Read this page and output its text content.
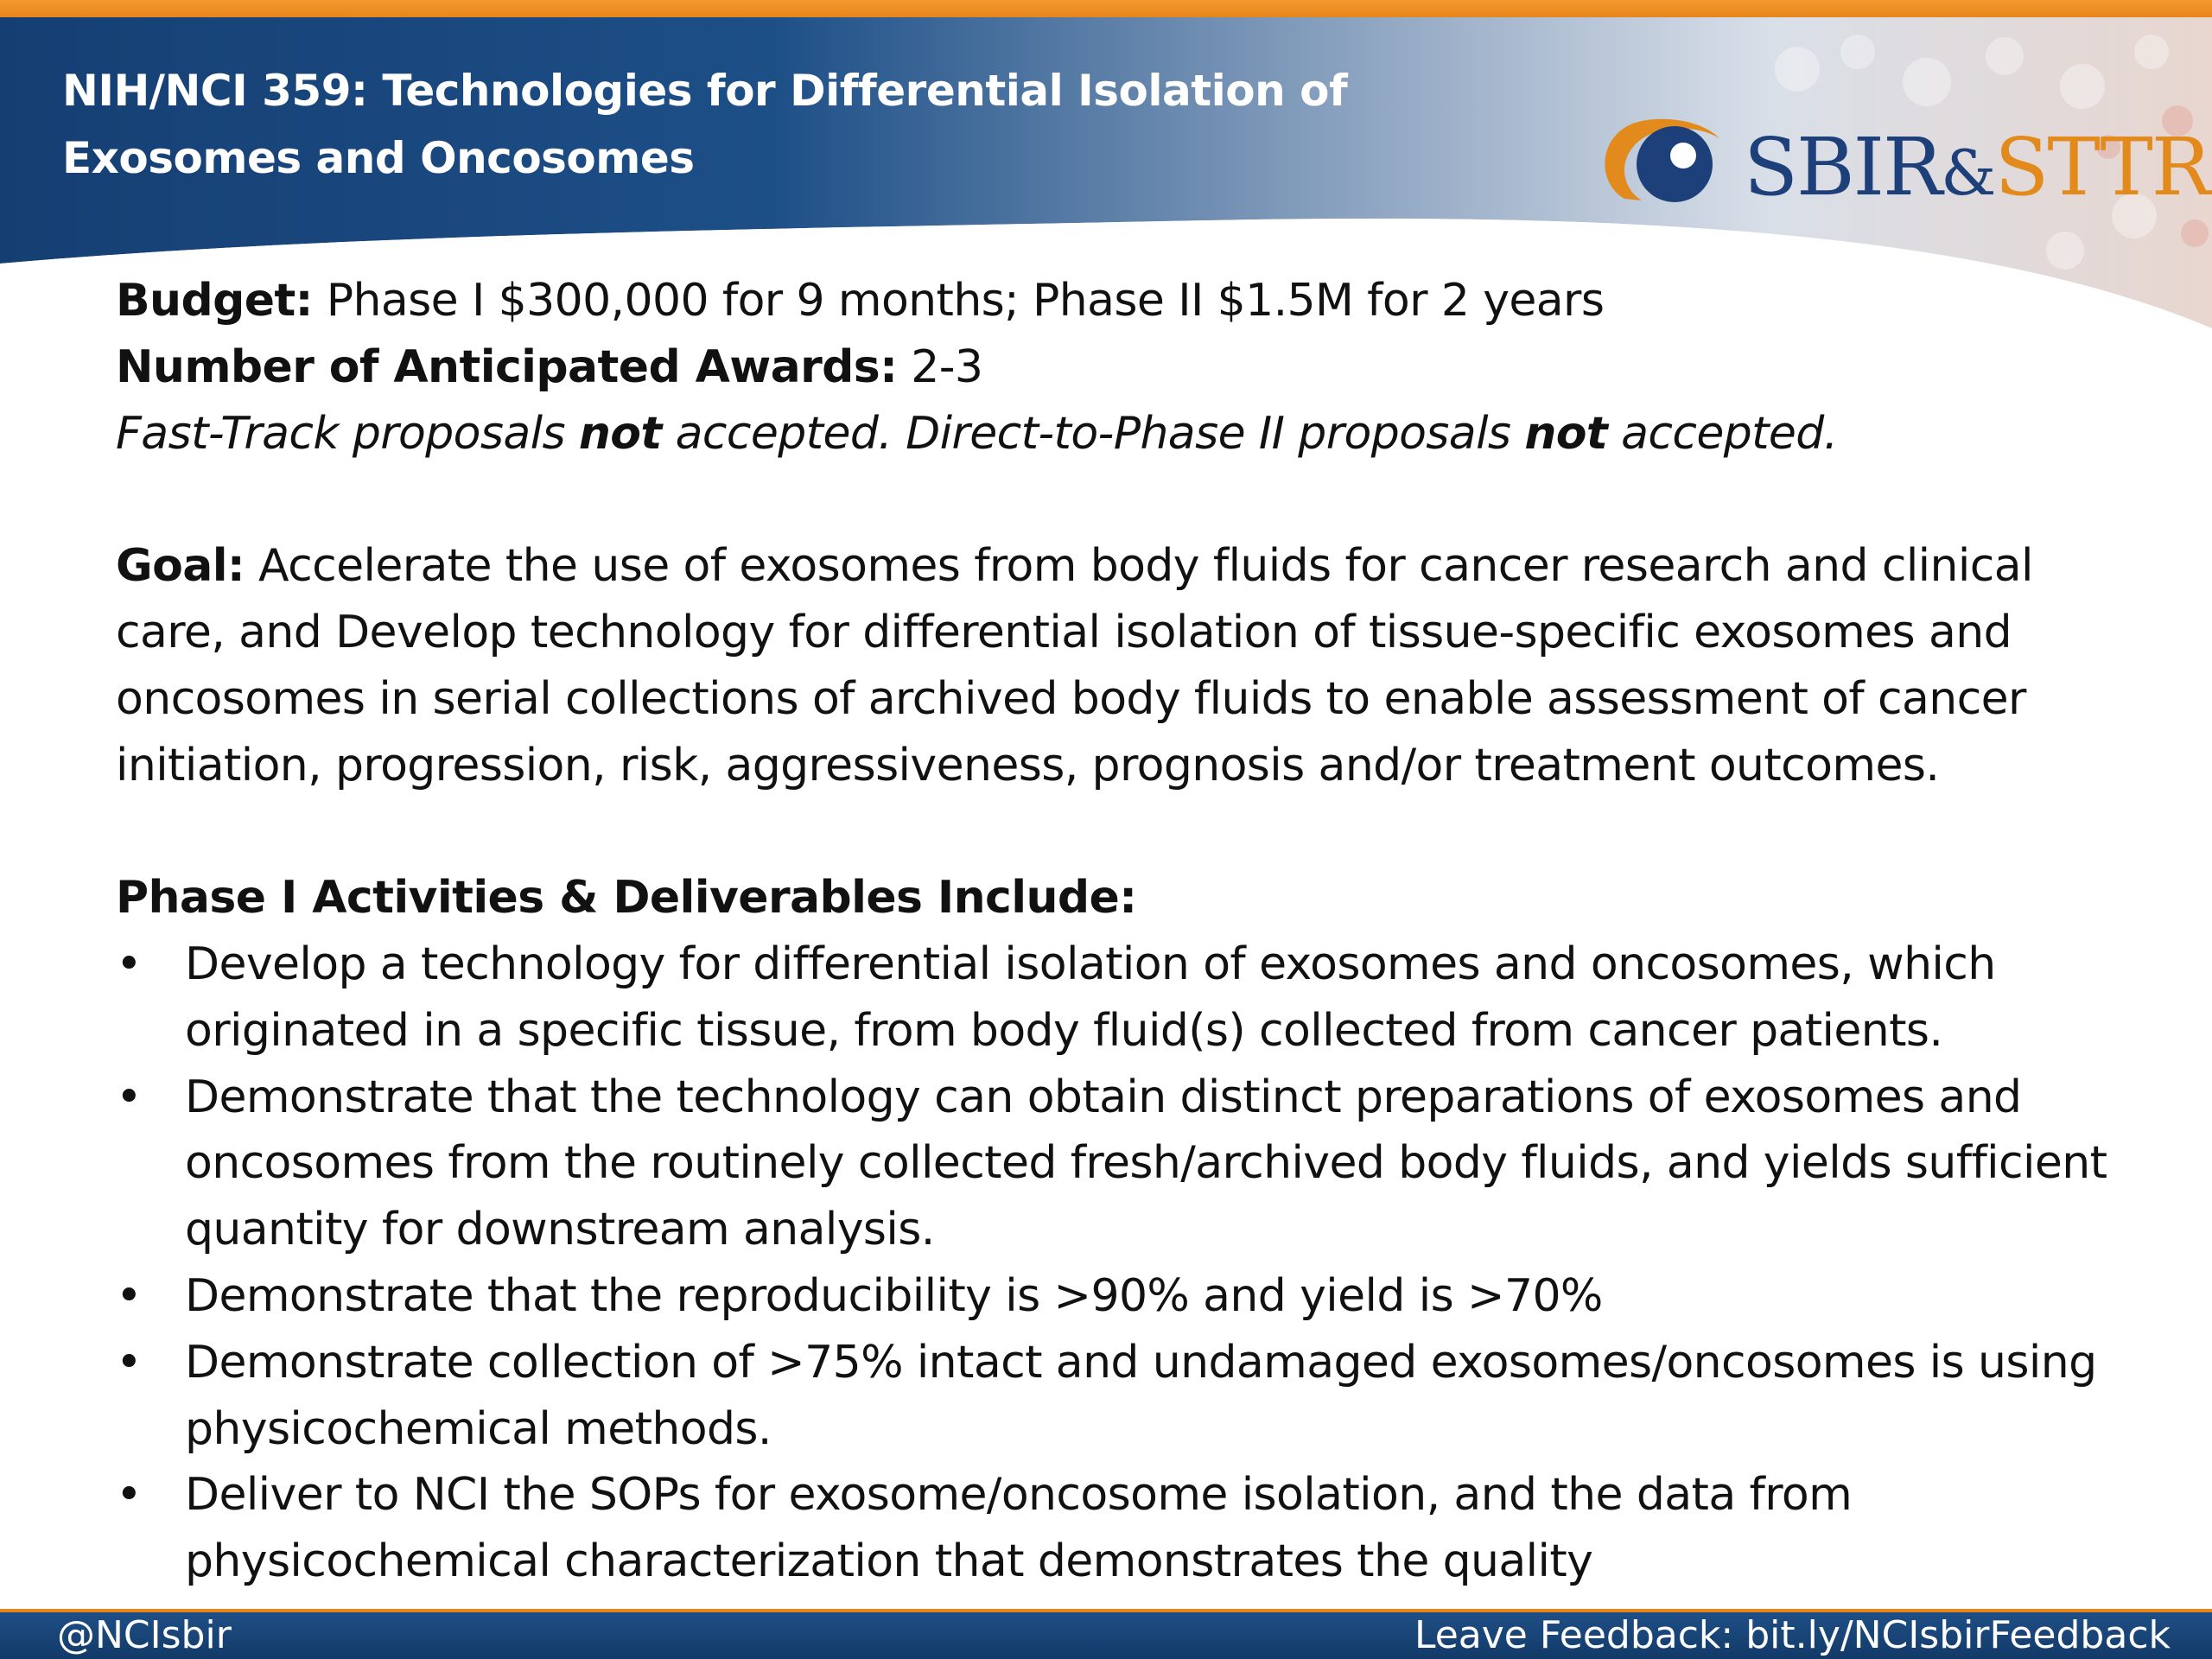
NIH/NCI 359: Technologies for Differential Isolation of Exosomes and Oncosomes	SBIR&STTR

Budget: Phase I $300,000 for 9 months; Phase II $1.5M for 2 years

Number of Anticipated Awards: 2-3

Fast-Track proposals not accepted. Direct-to-Phase II proposals not accepted.

Goal: Accelerate the use of exosomes from body fluids for cancer research and clinical care, and Develop technology for differential isolation of tissue-specific exosomes and oncosomes in serial collections of archived body fluids to enable assessment of cancer initiation, progression, risk, aggressiveness, prognosis and/or treatment outcomes.

Phase I Activities & Deliverables Include:

• Develop a technology for differential isolation of exosomes and oncosomes, which originated in a specific tissue, from body fluid(s) collected from cancer patients.
• Demonstrate that the technology can obtain distinct preparations of exosomes and oncosomes from the routinely collected fresh/archived body fluids, and yields sufficient quantity for downstream analysis.
• Demonstrate that the reproducibility is >90% and yield is >70%
• Demonstrate collection of >75% intact and undamaged exosomes/oncosomes is using physicochemical methods.
• Deliver to NCI the SOPs for exosome/oncosome isolation, and the data from physicochemical characterization that demonstrates the quality
@NCIsbir	Leave Feedback: bit.ly/NCIsbirFeedback
